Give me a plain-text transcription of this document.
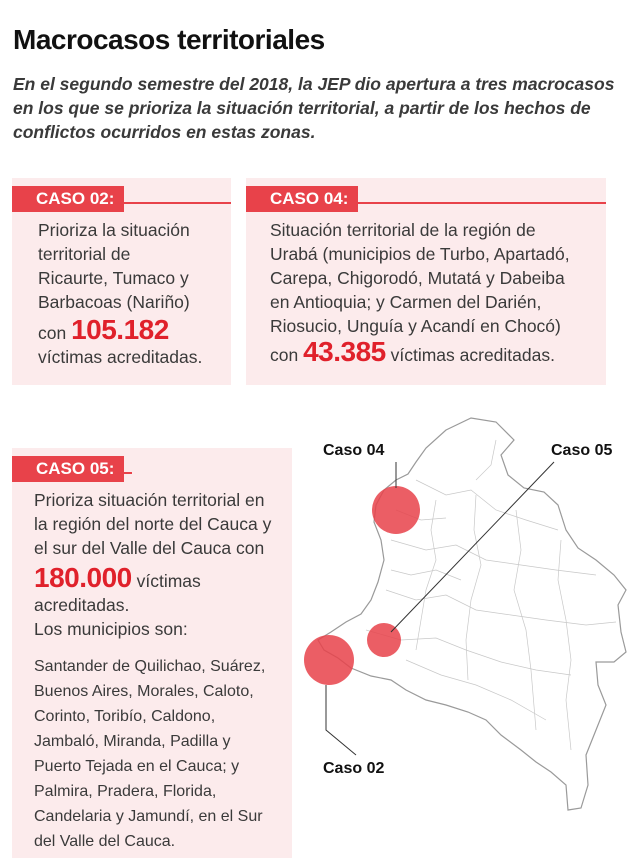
Macrocasos territoriales
En el segundo semestre del 2018, la JEP dio apertura a tres macrocasos en los que se prioriza la situación territorial, a partir de los hechos de conflictos ocurridos en estas zonas.
CASO 02:
Prioriza la situación
territorial de
Ricaurte, Tumaco y
Barbacoas (Nariño)
con 105.182
víctimas acreditadas.
CASO 04:
Situación territorial de la región de
Urabá (municipios de Turbo, Apartadó,
Carepa, Chigorodó, Mutatá y Dabeiba
en Antioquia; y Carmen del Darién,
Riosucio, Unguía y Acandí en Chocó)
con 43.385 víctimas acreditadas.
CASO 05:
Prioriza situación territorial en
la región del norte del Cauca y
el sur del Valle del Cauca con
180.000 víctimas
acreditadas.
Los municipios son:
Santander de Quilichao, Suárez,
Buenos Aires, Morales, Caloto,
Corinto, Toribío, Caldono,
Jambaló, Miranda, Padilla y
Puerto Tejada en el Cauca; y
Palmira, Pradera, Florida,
Candelaria y Jamundí, en el Sur
del Valle del Cauca.
Caso 04	Caso 05
Caso 02
